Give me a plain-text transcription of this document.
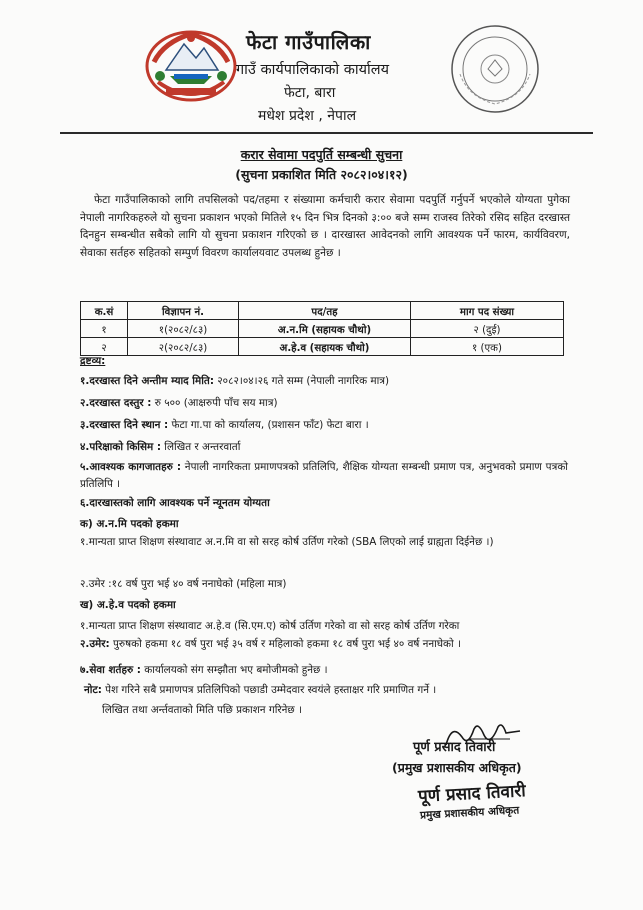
फेटा गाउँपालिका
गाउँ कार्यपालिकाको कार्यालय
फेटा, बारा
मधेश प्रदेश , नेपाल
करार सेवामा पदपुर्ति सम्बन्धी सुचना
(सुचना प्रकाशित मिति २०८२।०४।१२)
फेटा गाउँपालिकाको लागि तपसिलको पद/तहमा र संख्यामा कर्मचारी करार सेवामा पदपुर्ति गर्नुपर्ने भएकोले योग्यता पुगेका नेपाली नागरिकहरुले यो सुचना प्रकाशन भएको मितिले १५ दिन भित्र दिनको ३:०० बजे सम्म राजस्व तिरेको रसिद सहित दरखास्त दिनहुन सम्बन्धीत सबैको लागि यो सुचना प्रकाशन गरिएको छ । दारखास्त आवेदनको लागि आवश्यक पर्ने फारम, कार्यविवरण, सेवाका सर्तहरु सहितको सम्पुर्ण विवरण कार्यालयवाट उपलब्ध हुनेछ ।
क.सं	विज्ञापन नं.	पद/तह	माग पद संख्या
१	१(२०८२/८३)	अ.न.मि (सहायक चौथो)	२ (दुई)
२	२(२०८२/८३)	अ.हे.व (सहायक चौथो)	१ (एक)
द्रष्टव्य:
१.दरखास्त दिने अन्तीम म्याद मिति: २०८२।०४।२६ गते सम्म (नेपाली नागरिक मात्र)
२.दरखास्त दस्तुर : रु ५०० (आक्षरुपी पाँच सय मात्र)
३.दरखास्त दिने स्थान : फेटा गा.पा को कार्यालय, (प्रशासन फाँट) फेटा बारा ।
४.परिक्षाको किसिम : लिखित र अन्तरवार्ता
५.आवश्यक कागजातहरु : नेपाली नागरिकता प्रमाणपत्रको प्रतिलिपि, शैक्षिक योग्यता सम्बन्धी प्रमाण पत्र, अनुभवको प्रमाण पत्रको प्रतिलिपि ।
६.दारखास्तको लागि आवश्यक पर्ने न्यूनतम योग्यता
क) अ.न.मि पदको हकमा
१.मान्यता प्राप्त शिक्षण संस्थावाट अ.न.मि वा सो सरह कोर्ष उर्तिण गरेको (SBA लिएको लाई ग्राह्यता दिईनेछ ।)
२.उमेर :१८ वर्ष पुरा भई ४० वर्ष ननाघेको (महिला मात्र)
ख) अ.हे.व पदको हकमा
१.मान्यता प्राप्त शिक्षण संस्थावाट अ.हे.व (सि.एम.ए) कोर्ष उर्तिण गरेको वा सो सरह कोर्ष उर्तिण गरेका
२.उमेर: पुरुषको हकमा १८ वर्ष पुरा भई ३५ वर्ष र महिलाको हकमा १८ वर्ष पुरा भई ४० वर्ष ननाघेको ।
७.सेवा शर्तहरु : कार्यालयको संग सम्झौता भए बमोजीमको हुनेछ ।
नोट: पेश गरिने सबै प्रमाणपत्र प्रतिलिपिको पछाडी उम्मेदवार स्वयंले हस्ताक्षर गरि प्रमाणित गर्ने ।
लिखित तथा अर्न्तवताको मिति पछि प्रकाशन गरिनेछ ।
पूर्ण प्रसाद तिवारी
(प्रमुख प्रशासकीय अधिकृत)
पूर्ण प्रसाद तिवारी
प्रमुख प्रशासकीय अधिकृत
